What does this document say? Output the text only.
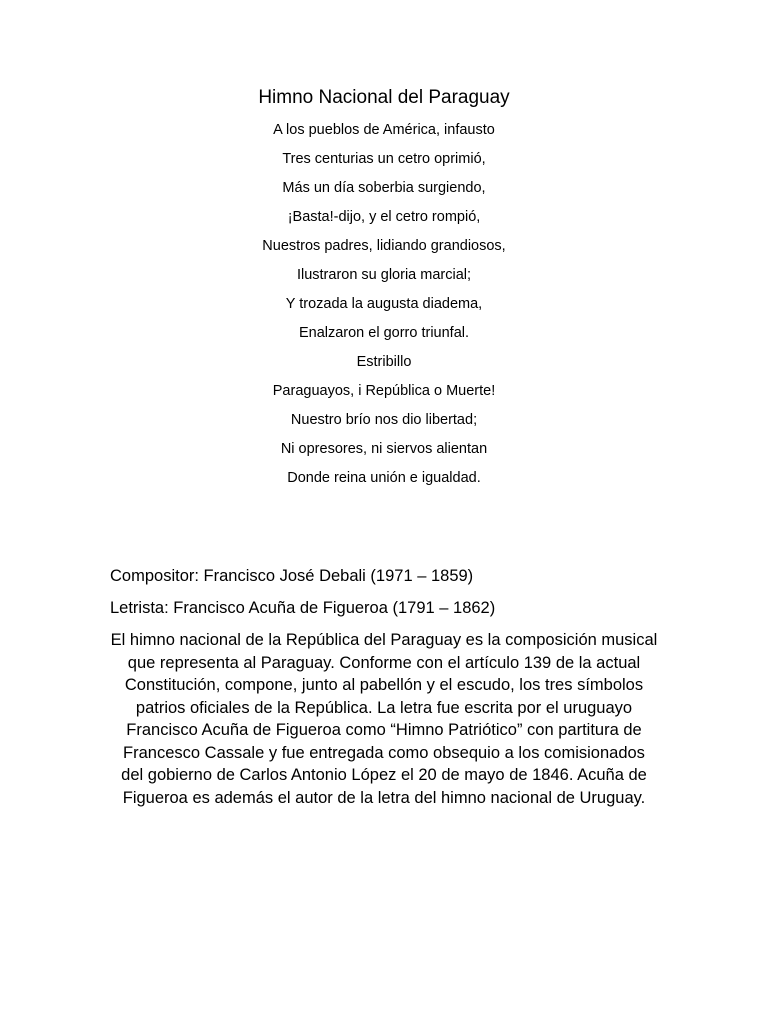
Himno Nacional del Paraguay
A los pueblos de América, infausto
Tres centurias un cetro oprimió,
Más un día soberbia surgiendo,
¡Basta!-dijo, y el cetro rompió,
Nuestros padres, lidiando grandiosos,
Ilustraron su gloria marcial;
Y trozada la augusta diadema,
Enalzaron el gorro triunfal.
Estribillo
Paraguayos, i República o Muerte!
Nuestro brío nos dio libertad;
Ni opresores, ni siervos alientan
Donde reina unión e igualdad.
Compositor: Francisco José Debali (1971 – 1859)
Letrista: Francisco Acuña de Figueroa (1791 – 1862)

El himno nacional de la República del Paraguay es la composición musical que representa al Paraguay. Conforme con el artículo 139 de la actual Constitución, compone, junto al pabellón y el escudo, los tres símbolos patrios oficiales de la República. La letra fue escrita por el uruguayo Francisco Acuña de Figueroa como “Himno Patriótico” con partitura de Francesco Cassale y fue entregada como obsequio a los comisionados del gobierno de Carlos Antonio López el 20 de mayo de 1846. Acuña de Figueroa es además el autor de la letra del himno nacional de Uruguay.
